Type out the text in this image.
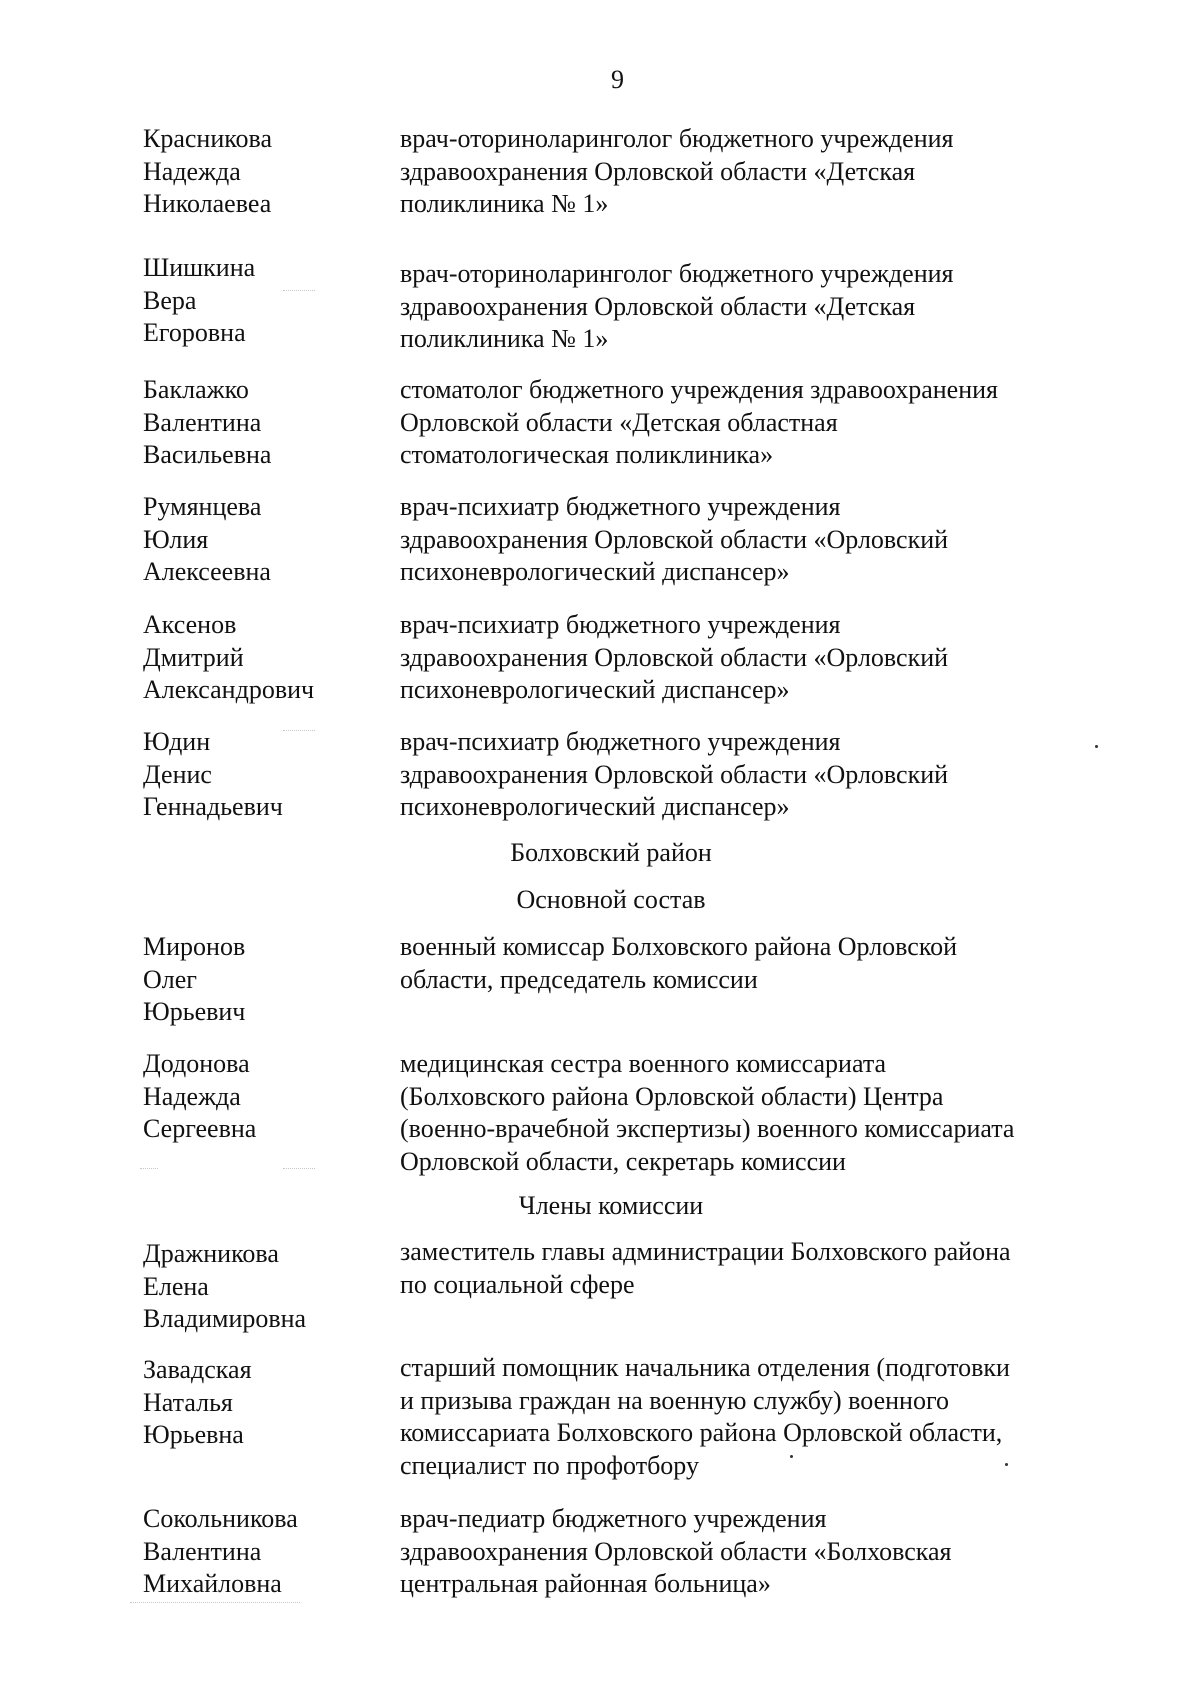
9
Красникова
Надежда
Николаевеа
врач-оториноларинголог бюджетного учреждения
здравоохранения Орловской области «Детская
поликлиника № 1»
Шишкина
Вера
Егоровна
врач-оториноларинголог бюджетного учреждения
здравоохранения Орловской области «Детская
поликлиника № 1»
Баклажко
Валентина
Васильевна
стоматолог бюджетного учреждения здравоохранения
Орловской области «Детская областная
стоматологическая поликлиника»
Румянцева
Юлия
Алексеевна
врач-психиатр бюджетного учреждения
здравоохранения Орловской области «Орловский
психоневрологический диспансер»
Аксенов
Дмитрий
Александрович
врач-психиатр бюджетного учреждения
здравоохранения Орловской области «Орловский
психоневрологический диспансер»
Юдин
Денис
Геннадьевич
врач-психиатр бюджетного учреждения
здравоохранения Орловской области «Орловский
психоневрологический диспансер»
Болховский район
Основной состав
Миронов
Олег
Юрьевич
военный комиссар Болховского района Орловской
области, председатель комиссии
Додонова
Надежда
Сергеевна
медицинская сестра военного комиссариата
(Болховского района Орловской области) Центра
(военно-врачебной экспертизы) военного комиссариата
Орловской области, секретарь комиссии
Члены комиссии
Дражникова
Елена
Владимировна
заместитель главы администрации Болховского района
по социальной сфере
Завадская
Наталья
Юрьевна
старший помощник начальника отделения (подготовки
и призыва граждан на военную службу) военного
комиссариата Болховского района Орловской области,
специалист по профотбору
Сокольникова
Валентина
Михайловна
врач-педиатр бюджетного учреждения
здравоохранения Орловской области «Болховская
центральная районная больница»
